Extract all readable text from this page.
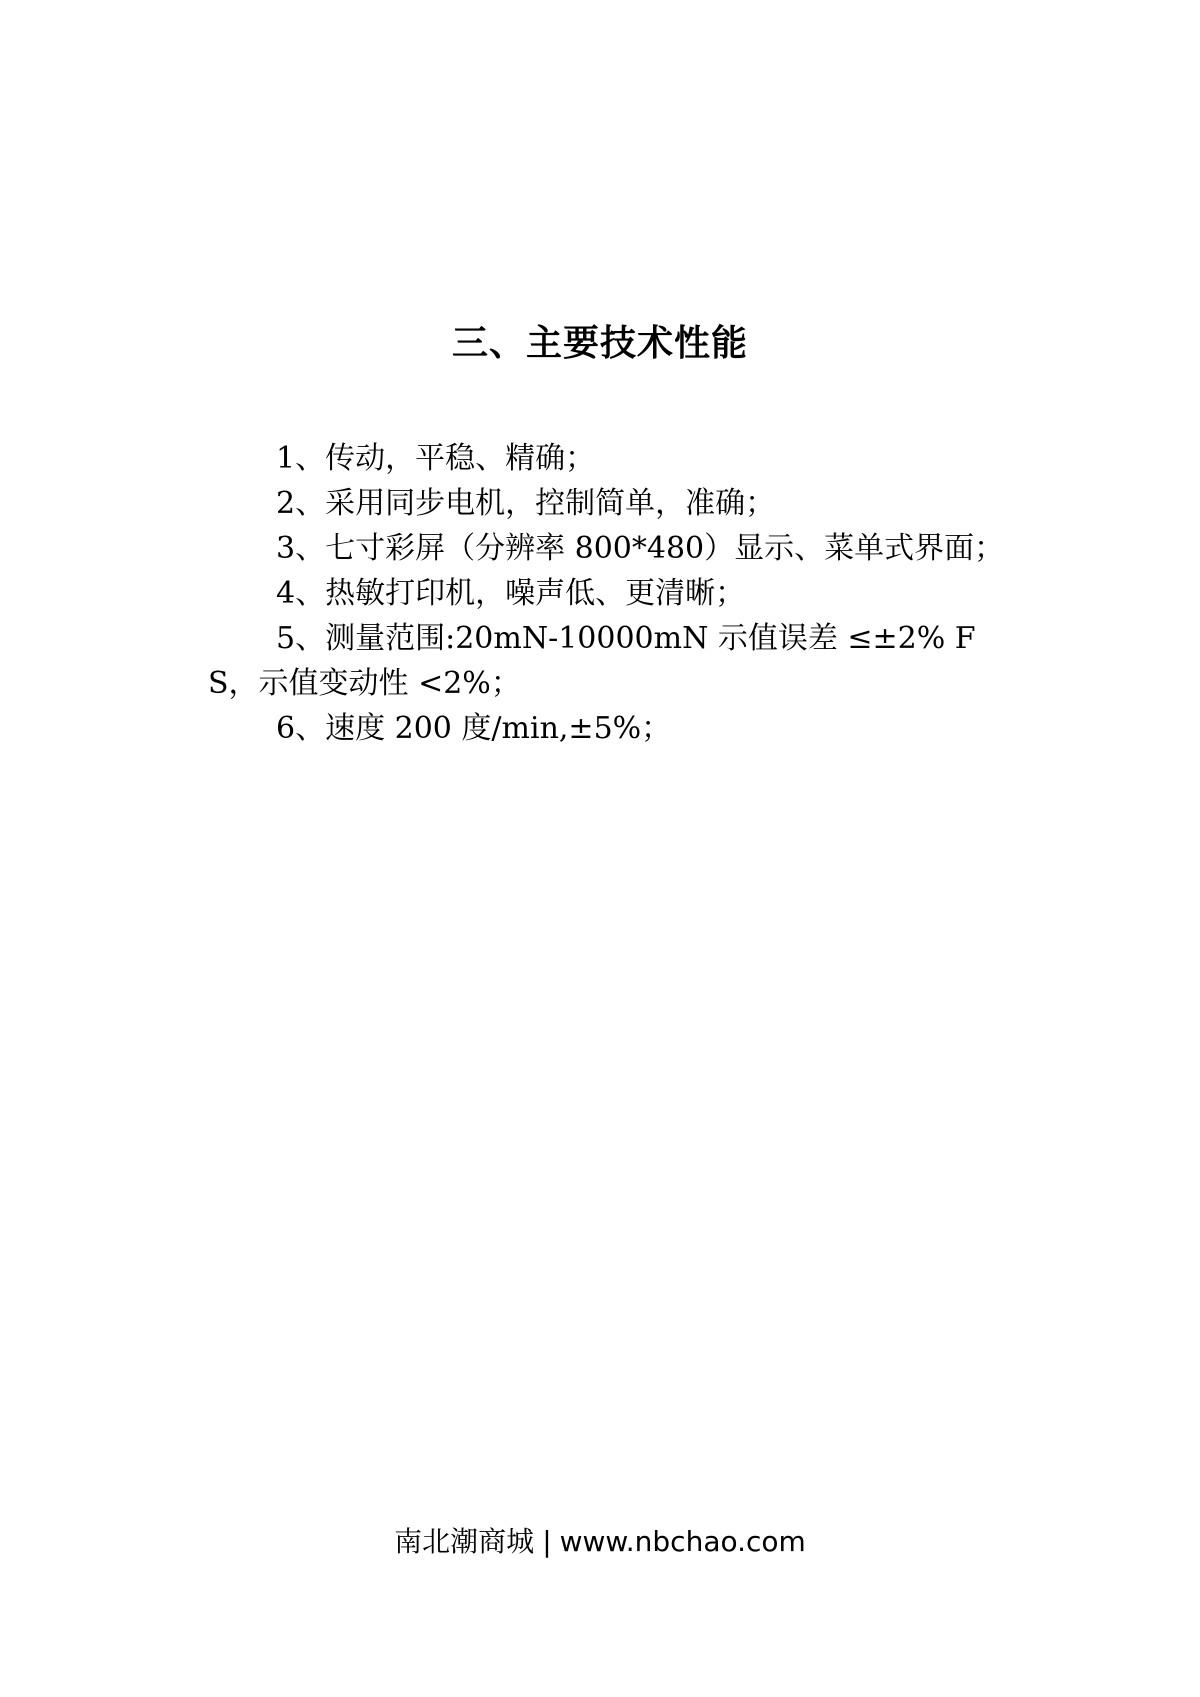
三、主要技术性能

1、传动，平稳、精确；

2、采用同步电机，控制简单，准确；

3、七寸彩屏（分辨率 800*480）显示、菜单式界面；

4、热敏打印机，噪声低、更清晰；

5、测量范围:20mN-10000mN 示值误差 ≤±2% FS，示值变动性 <2%；

6、速度 200 度/min,±5%；

南北潮商城 | www.nbchao.com
